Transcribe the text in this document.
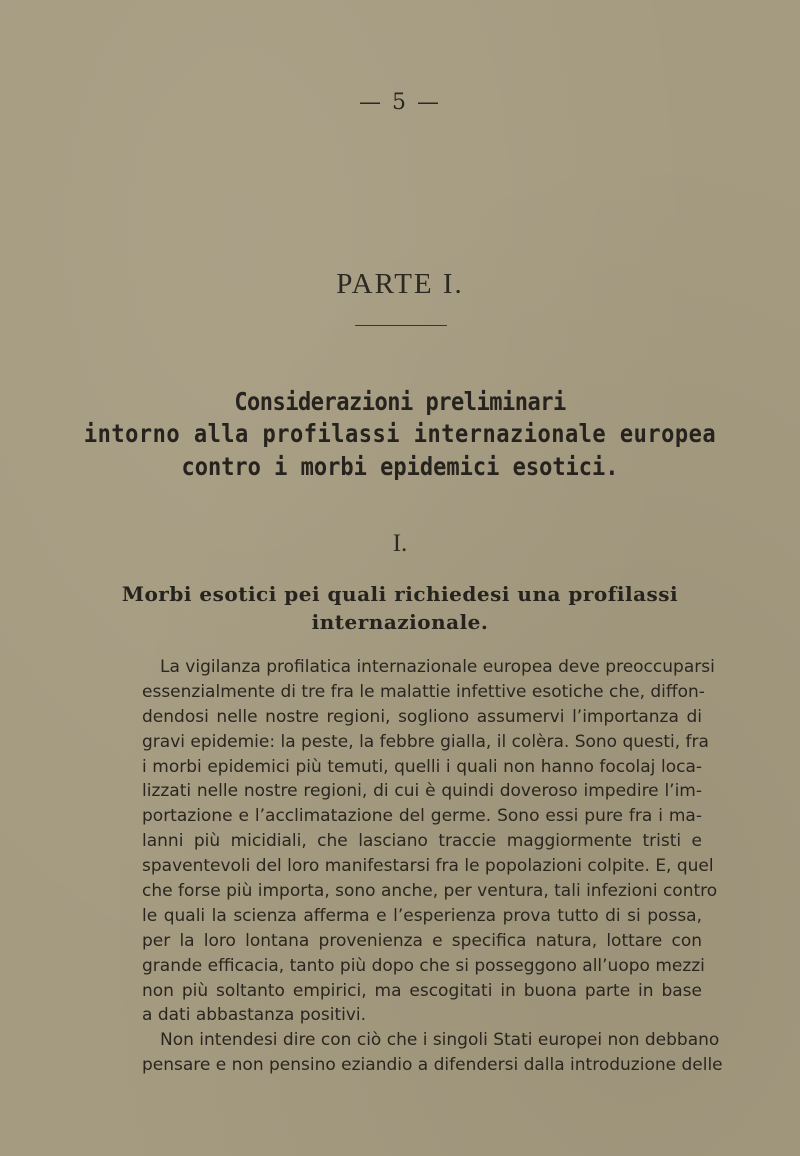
— 5 —
PARTE I.
Considerazioni preliminari
intorno alla profilassi internazionale europea
contro i morbi epidemici esotici.
I.
Morbi esotici pei quali richiedesi una profilassi
internazionale.
La vigilanza profilatica internazionale europea deve preoccuparsi
essenzialmente di tre fra le malattie infettive esotiche che, diffon-
dendosi nelle nostre regioni, sogliono assumervi l’importanza di
gravi epidemie: la peste, la febbre gialla, il colèra. Sono questi, fra
i morbi epidemici più temuti, quelli i quali non hanno focolaj loca-
lizzati nelle nostre regioni, di cui è quindi doveroso impedire l’im-
portazione e l’acclimatazione del germe. Sono essi pure fra i ma-
lanni più micidiali, che lasciano traccie maggiormente tristi e
spaventevoli del loro manifestarsi fra le popolazioni colpite. E, quel
che forse più importa, sono anche, per ventura, tali infezioni contro
le quali la scienza afferma e l’esperienza prova tutto di si possa,
per la loro lontana provenienza e specifica natura, lottare con
grande efficacia, tanto più dopo che si posseggono all’uopo mezzi
non più soltanto empirici, ma escogitati in buona parte in base
a dati abbastanza positivi.
Non intendesi dire con ciò che i singoli Stati europei non debbano
pensare e non pensino eziandio a difendersi dalla introduzione delle
